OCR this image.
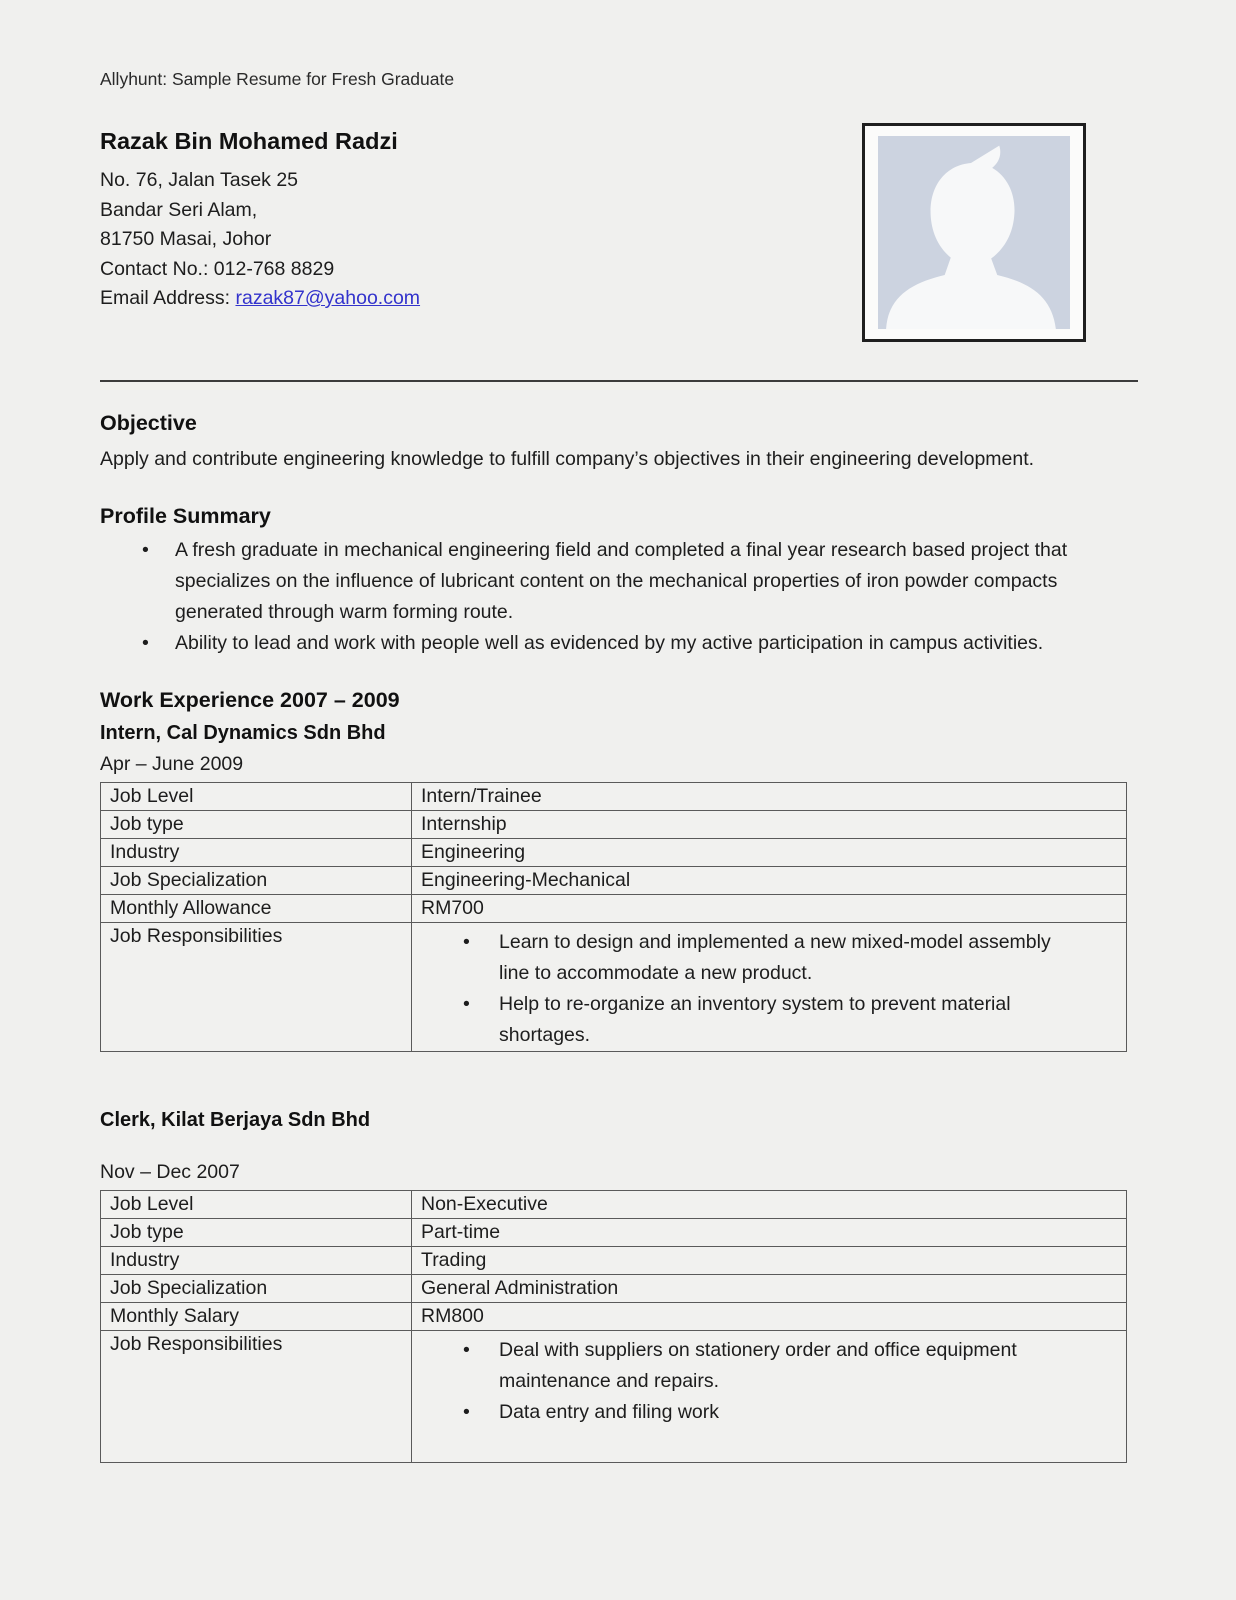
Allyhunt: Sample Resume for Fresh Graduate
Razak Bin Mohamed Radzi
No. 76, Jalan Tasek 25
Bandar Seri Alam,
81750 Masai, Johor
Contact No.: 012-768 8829
Email Address: razak87@yahoo.com
Objective
Apply and contribute engineering knowledge to fulfill company’s objectives in their engineering development.
Profile Summary
• A fresh graduate in mechanical engineering field and completed a final year research based project that specializes on the influence of lubricant content on the mechanical properties of iron powder compacts generated through warm forming route.
• Ability to lead and work with people well as evidenced by my active participation in campus activities.
Work Experience 2007 – 2009
Intern, Cal Dynamics Sdn Bhd
Apr – June 2009
Job Level	Intern/Trainee
Job type	Internship
Industry	Engineering
Job Specialization	Engineering-Mechanical
Monthly Allowance	RM700
Job Responsibilities	
•Learn to design and implemented a new mixed-model assembly line to accommodate a new product.
• Help to re-organize an inventory system to prevent material shortages.
Clerk, Kilat Berjaya Sdn Bhd
Nov – Dec 2007
Job Level	Non-Executive
Job type	Part-time
Industry	Trading
Job Specialization	General Administration
Monthly Salary	RM800
Job Responsibilities	
•Deal with suppliers on stationery order and office equipment maintenance and repairs.
• Data entry and filing work
